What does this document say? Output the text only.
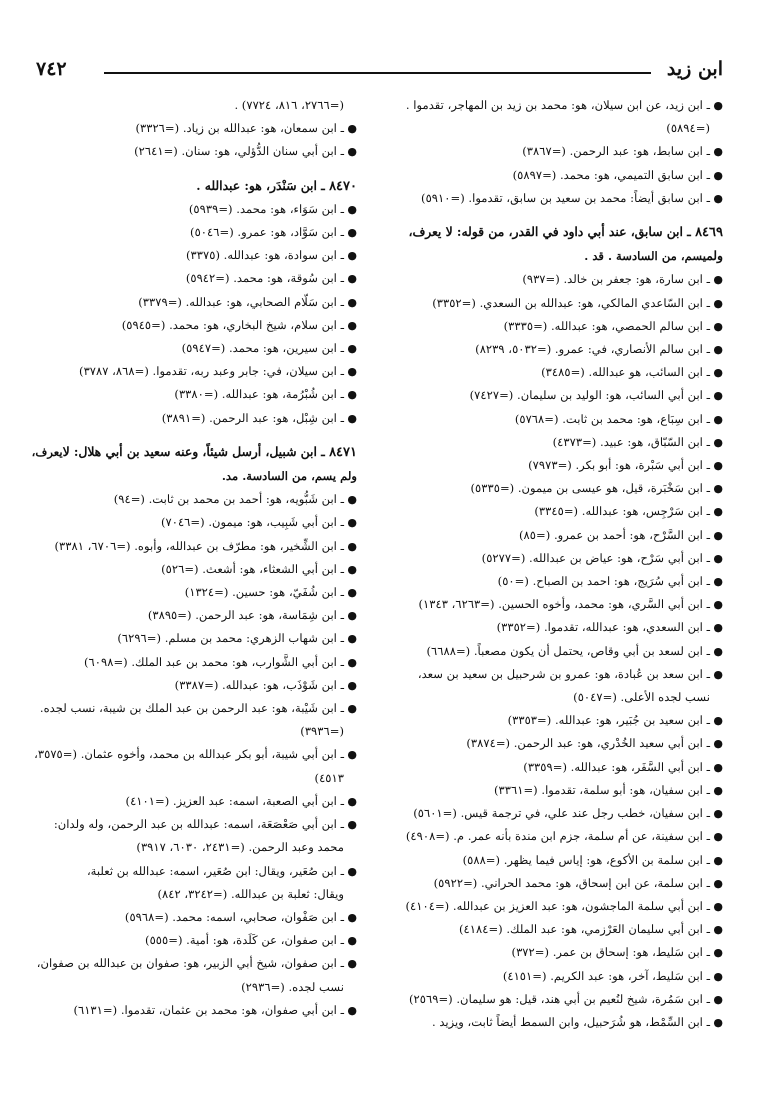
ابن زيد
٧٤٢
●
ـ ابن زيد، عن ابن سيلان، هو: محمد بن زيد بن المهاجر، تقدموا .
(=٥٨٩٤)
●
ـ ابن سابط، هو: عبد الرحمن. (=٣٨٦٧)
●
ـ ابن سابق التميمي، هو: محمد. (=٥٨٩٧)
●
ـ ابن سابق أيضاً: محمد بن سعيد بن سابق، تقدموا. (=٥٩١٠)
٨٤٦٩ ـ ابن سابق، عند أبي داود في القدر، من قوله: لا يعرف، ولميسم، من السادسة . قد .
●
ـ ابن سارة، هو: جعفر بن خالد. (=٩٣٧)
●
ـ ابن السّاعدي المالكي، هو: عبدالله بن السعدي. (=٣٣٥٢)
●
ـ ابن سالم الحمصي، هو: عبدالله. (=٣٣٣٥)
●
ـ ابن سالم الأنصاري، في: عمرو. (=٥٠٣٢، ٨٢٣٩)
●
ـ ابن السائب، هو عبدالله. (=٣٤٨٥)
●
ـ ابن أبي السائب، هو: الوليد بن سليمان. (=٧٤٢٧)
●
ـ ابن سِبَاع، هو: محمد بن ثابت. (=٥٧٦٨)
●
ـ ابن السّبّاق، هو: عبيد. (=٤٣٧٣)
●
ـ ابن أبي سَبْرة، هو: أبو بكر. (=٧٩٧٣)
●
ـ ابن سَخْبَرة، قيل، هو عيسى بن ميمون. (=٥٣٣٥)
●
ـ ابن سَرْجِس، هو: عبدالله. (=٣٣٤٥)
●
ـ ابن السَّرْح، هو: أحمد بن عمرو. (=٨٥)
●
ـ ابن أبي سَرْح، هو: عياض بن عبدالله. (=٥٢٧٧)
●
ـ ابن أبي سُرَيج، هو: احمد بن الصباح. (=٥٠)
●
ـ ابن أبي السَّري، هو: محمد، وأخوه الحسين. (=٦٢٦٣، ١٣٤٣)
●
ـ ابن السعدي، هو: عبدالله، تقدموا. (=٣٣٥٢)
●
ـ ابن لسعد بن أبي وقاص، يحتمل أن يكون مصعباً. (=٦٦٨٨)
●
ـ ابن سعد بن عُبادة، هو: عمرو بن شرحبيل بن سعيد بن سعد،
نسب لجده الأعلى. (=٥٠٤٧)
●
ـ ابن سعيد بن جُبَير، هو: عبدالله. (=٣٣٥٣)
●
ـ ابن أبي سعيد الخُدْري، هو: عبد الرحمن. (=٣٨٧٤)
●
ـ ابن أبي السَّفَر، هو: عبدالله. (=٣٣٥٩)
●
ـ ابن سفيان، هو: أبو سلمة، تقدموا. (=٣٣٦١)
●
ـ ابن سفيان، خطب رجل عند علي، في ترجمة قيس. (=٥٦٠١)
●
ـ ابن سفينة، عن أم سلمة، جزم ابن مندة بأنه عمر. م. (=٤٩٠٨)
●
ـ ابن سلمة بن الأكوع، هو: إياس فيما يظهر. (=٥٨٨)
●
ـ ابن سلمة، عن ابن إسحاق، هو: محمد الحراني. (=٥٩٢٢)
●
ـ ابن أبي سلمة الماجشون، هو: عبد العزيز بن عبدالله. (=٤١٠٤)
●
ـ ابن أبي سليمان العَرْزمي، هو: عبد الملك. (=٤١٨٤)
●
ـ ابن سَليط، هو: إسحاق بن عمر. (=٣٧٢)
●
ـ ابن سَليط، آخر، هو: عبد الكريم. (=٤١٥١)
●
ـ ابن سَمُرة، شيخ لنُعيم بن أبي هند، قيل: هو سليمان. (=٢٥٦٩)
●
ـ ابن السِّمْط، هو شُرَحبيل، وابن السمط أيضاً ثابت، ويزيد .
(=٢٧٦٦، ٨١٦، ٧٧٢٤) .
●
ـ ابن سمعان، هو: عبدالله بن زياد. (=٣٣٢٦)
●
ـ ابن أبي سنان الدُّؤلي، هو: سنان. (=٢٦٤١)
٨٤٧٠ ـ ابن سَنْدَر، هو: عبدالله .
●
ـ ابن سَوَاء، هو: محمد. (=٥٩٣٩)
●
ـ ابن سَوَّاد، هو: عمرو. (=٥٠٤٦)
●
ـ ابن سوادة، هو: عبدالله. (٣٣٧٥)
●
ـ ابن سُوقة، هو: محمد. (=٥٩٤٢)
●
ـ ابن سَلّام الصحابي، هو: عبدالله. (=٣٣٧٩)
●
ـ ابن سلام، شيخ البخاري، هو: محمد. (=٥٩٤٥)
●
ـ ابن سيرين، هو: محمد. (=٥٩٤٧)
●
ـ ابن سيلان، في: جابر وعبد ربه، تقدموا. (=٨٦٨، ٣٧٨٧)
●
ـ ابن شُبْرُمة، هو: عبدالله. (=٣٣٨٠)
●
ـ ابن شِبْل، هو: عبد الرحمن. (=٣٨٩١)
٨٤٧١ ـ ابن شبيل، أرسل شيئاً، وعنه سعيد بن أبي هلال: لايعرف، ولم يسم، من السادسة. مد.
●
ـ ابن شَبُّويه، هو: أحمد بن محمد بن ثابت. (=٩٤)
●
ـ ابن أبي شَبِيب، هو: ميمون. (=٧٠٤٦)
●
ـ ابن الشِّخير، هو: مطرّف بن عبدالله، وأبوه. (=٦٧٠٦، ٣٣٨١)
●
ـ ابن أبي الشعثاء، هو: أشعث. (=٥٢٦)
●
ـ ابن شُفَيّ، هو: حسين. (=١٣٢٤)
●
ـ ابن شِمَاسة، هو: عبد الرحمن. (=٣٨٩٥)
●
ـ ابن شهاب الزهري: محمد بن مسلم. (=٦٢٩٦)
●
ـ ابن أبي الشَّوارب، هو: محمد بن عبد الملك. (=٦٠٩٨)
●
ـ ابن شَوْذَب، هو: عبدالله. (=٣٣٨٧)
●
ـ ابن شَيْبة، هو: عبد الرحمن بن عبد الملك بن شيبة، نسب لجده.
(=٣٩٣٦)
●
ـ ابن أبي شيبة، أبو بكر عبدالله بن محمد، وأخوه عثمان. (=٣٥٧٥،
٤٥١٣)
●
ـ ابن أبي الصعبة، اسمه: عبد العزيز. (=٤١٠١)
●
ـ ابن أبي صَعْصَعَة، اسمه: عبدالله بن عبد الرحمن، وله ولدان:
محمد وعبد الرحمن. (=٢٤٣١، ٦٠٣٠، ٣٩١٧)
●
ـ ابن صُعَير، ويقال: ابن صُعَير، اسمه: عبدالله بن ثعلبة،
ويقال: ثعلبة بن عبدالله. (=٣٢٤٢، ٨٤٢)
●
ـ ابن صَفْوان، صحابي، اسمه: محمد. (=٥٩٦٨)
●
ـ ابن صفوان، عن كَلَدة، هو: أمية. (=٥٥٥)
●
ـ ابن صفوان، شيخ أبي الزبير، هو: صفوان بن عبدالله بن صفوان،
نسب لجده. (=٢٩٣٦)
●
ـ ابن أبي صفوان، هو: محمد بن عثمان، تقدموا. (=٦١٣١)
